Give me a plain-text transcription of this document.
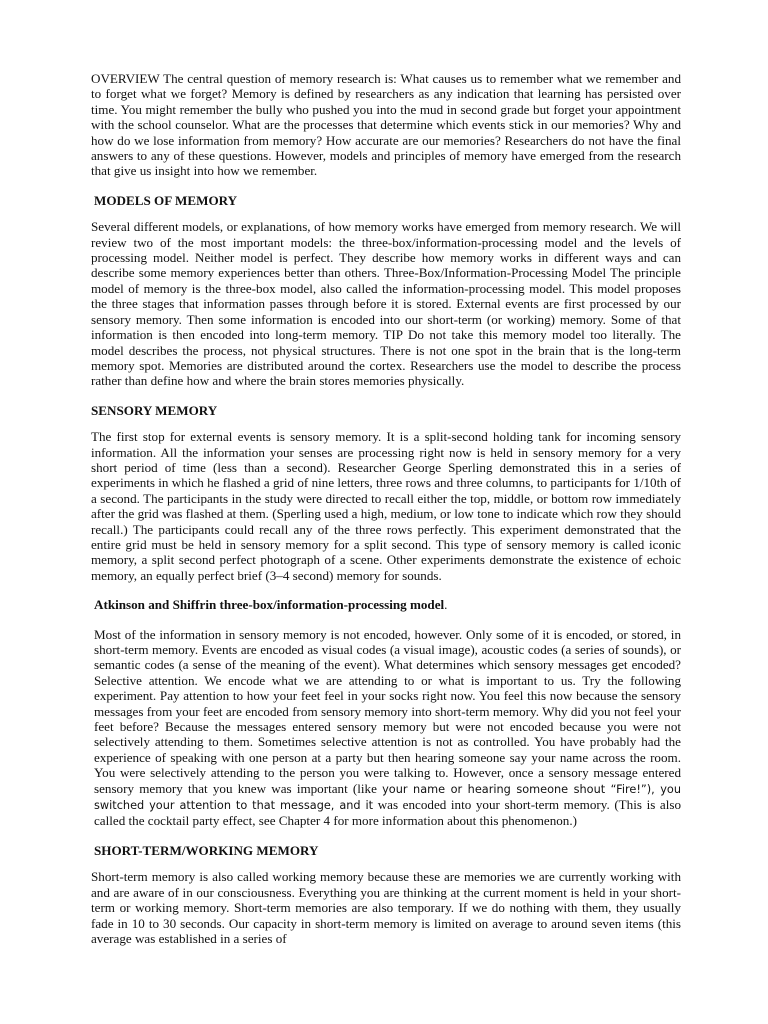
OVERVIEW The central question of memory research is: What causes us to remember what we remember and to forget what we forget? Memory is defined by researchers as any indication that learning has persisted over time. You might remember the bully who pushed you into the mud in second grade but forget your appointment with the school counselor. What are the processes that determine which events stick in our memories? Why and how do we lose information from memory? How accurate are our memories? Researchers do not have the final answers to any of these questions. However, models and principles of memory have emerged from the research that give us insight into how we remember.

MODELS OF MEMORY

Several different models, or explanations, of how memory works have emerged from memory research. We will review two of the most important models: the three-box/information-processing model and the levels of processing model. Neither model is perfect. They describe how memory works in different ways and can describe some memory experiences better than others. Three-Box/Information-Processing Model The principle model of memory is the three-box model, also called the information-processing model. This model proposes the three stages that information passes through before it is stored. External events are first processed by our sensory memory. Then some information is encoded into our short-term (or working) memory. Some of that information is then encoded into long-term memory. TIP Do not take this memory model too literally. The model describes the process, not physical structures. There is not one spot in the brain that is the long-term memory spot. Memories are distributed around the cortex. Researchers use the model to describe the process rather than define how and where the brain stores memories physically.

SENSORY MEMORY

The first stop for external events is sensory memory. It is a split-second holding tank for incoming sensory information. All the information your senses are processing right now is held in sensory memory for a very short period of time (less than a second). Researcher George Sperling demonstrated this in a series of experiments in which he flashed a grid of nine letters, three rows and three columns, to participants for 1/10th of a second. The participants in the study were directed to recall either the top, middle, or bottom row immediately after the grid was flashed at them. (Sperling used a high, medium, or low tone to indicate which row they should recall.) The participants could recall any of the three rows perfectly. This experiment demonstrated that the entire grid must be held in sensory memory for a split second. This type of sensory memory is called iconic memory, a split second perfect photograph of a scene. Other experiments demonstrate the existence of echoic memory, an equally perfect brief (3–4 second) memory for sounds.

Atkinson and Shiffrin three-box/information-processing model.

Most of the information in sensory memory is not encoded, however. Only some of it is encoded, or stored, in short-term memory. Events are encoded as visual codes (a visual image), acoustic codes (a series of sounds), or semantic codes (a sense of the meaning of the event). What determines which sensory messages get encoded? Selective attention. We encode what we are attending to or what is important to us. Try the following experiment. Pay attention to how your feet feel in your socks right now. You feel this now because the sensory messages from your feet are encoded from sensory memory into short-term memory. Why did you not feel your feet before? Because the messages entered sensory memory but were not encoded because you were not selectively attending to them. Sometimes selective attention is not as controlled. You have probably had the experience of speaking with one person at a party but then hearing someone say your name across the room. You were selectively attending to the person you were talking to. However, once a sensory message entered sensory memory that you knew was important (like your name or hearing someone shout “Fire!”), you switched your attention to that message, and it was encoded into your short-term memory. (This is also called the cocktail party effect, see Chapter 4 for more information about this phenomenon.)

SHORT-TERM/WORKING MEMORY

Short-term memory is also called working memory because these are memories we are currently working with and are aware of in our consciousness. Everything you are thinking at the current moment is held in your short-term or working memory. Short-term memories are also temporary. If we do nothing with them, they usually fade in 10 to 30 seconds. Our capacity in short-term memory is limited on average to around seven items (this average was established in a series of
